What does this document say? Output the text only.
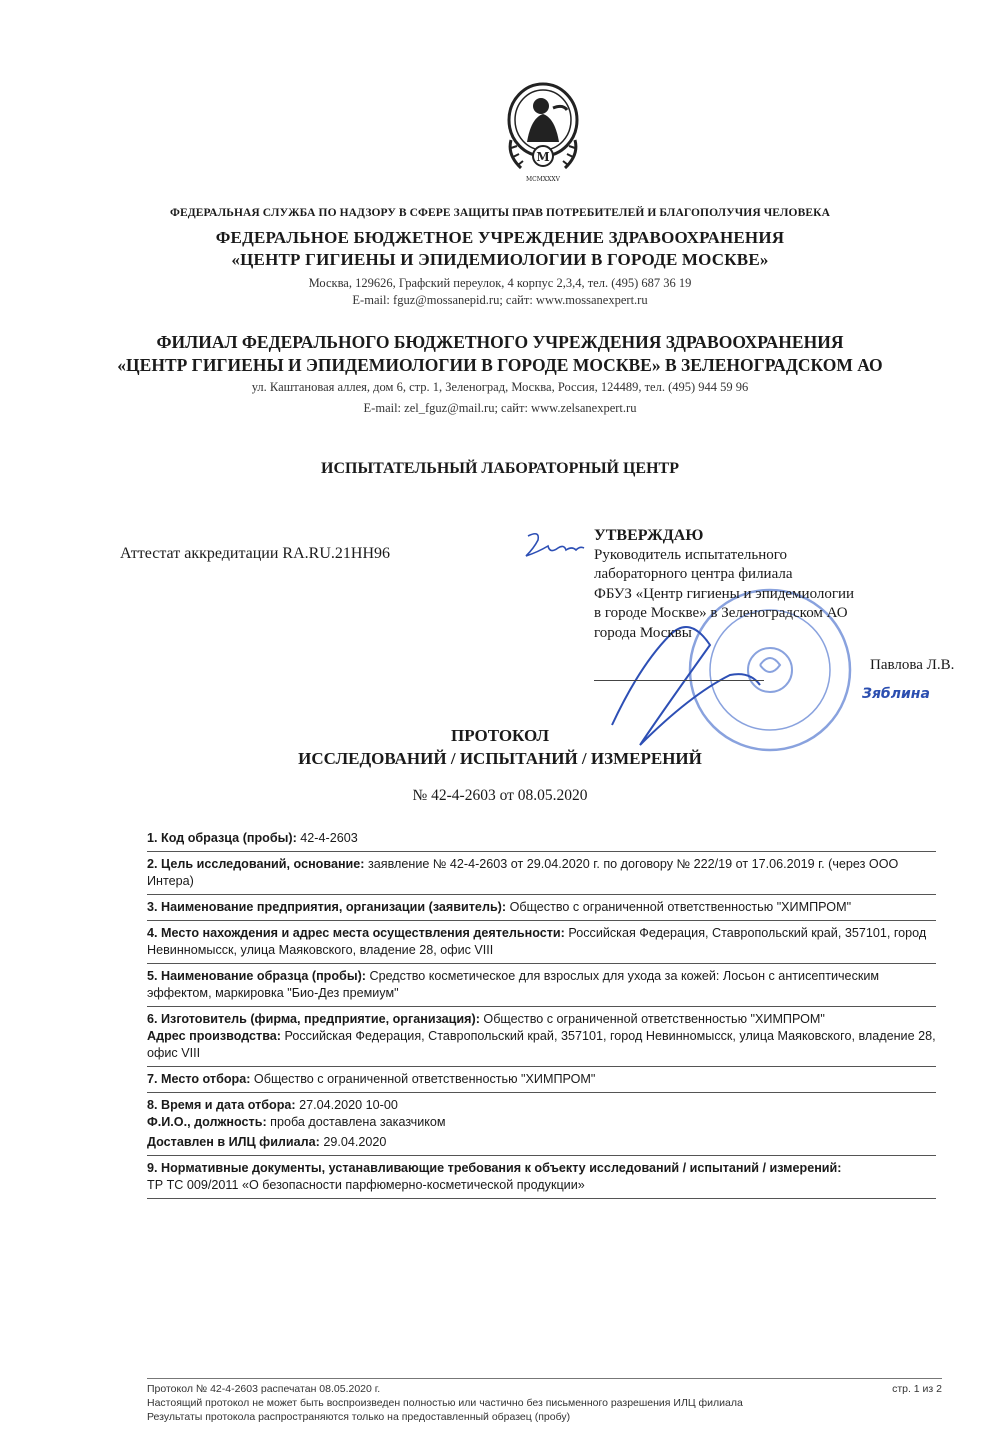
M
MCMXXXV
ФЕДЕРАЛЬНАЯ СЛУЖБА ПО НАДЗОРУ В СФЕРЕ ЗАЩИТЫ ПРАВ ПОТРЕБИТЕЛЕЙ И БЛАГОПОЛУЧИЯ ЧЕЛОВЕКА
ФЕДЕРАЛЬНОЕ БЮДЖЕТНОЕ УЧРЕЖДЕНИЕ ЗДРАВООХРАНЕНИЯ
«ЦЕНТР ГИГИЕНЫ И ЭПИДЕМИОЛОГИИ В ГОРОДЕ МОСКВЕ»
Москва, 129626, Графский переулок, 4 корпус 2,3,4, тел. (495) 687 36 19
E-mail: fguz@mossanepid.ru; сайт: www.mossanexpert.ru
ФИЛИАЛ ФЕДЕРАЛЬНОГО БЮДЖЕТНОГО УЧРЕЖДЕНИЯ ЗДРАВООХРАНЕНИЯ
«ЦЕНТР ГИГИЕНЫ И ЭПИДЕМИОЛОГИИ В ГОРОДЕ МОСКВЕ» В ЗЕЛЕНОГРАДСКОМ АО
ул. Каштановая аллея, дом 6, стр. 1, Зеленоград, Москва, Россия, 124489, тел. (495) 944 59 96
E-mail: zel_fguz@mail.ru; сайт: www.zelsanexpert.ru
ИСПЫТАТЕЛЬНЫЙ ЛАБОРАТОРНЫЙ ЦЕНТР
Аттестат аккредитации RA.RU.21НН96
УТВЕРЖДАЮ
Руководитель испытательного
лабораторного центра филиала
ФБУЗ «Центр гигиены и эпидемиологии
в городе Москве» в Зеленоградском АО
города Москвы
Павлова Л.В.
Зяблина
ПРОТОКОЛ
ИССЛЕДОВАНИЙ / ИСПЫТАНИЙ / ИЗМЕРЕНИЙ
№ 42-4-2603 от 08.05.2020

1. Код образца (пробы): 42-4-2603

2. Цель исследований, основание: заявление № 42-4-2603 от 29.04.2020 г. по договору № 222/19 от 17.06.2019 г. (через ООО Интера)

3. Наименование предприятия, организации (заявитель): Общество с ограниченной ответственностью "ХИМПРОМ"

4. Место нахождения и адрес места осуществления деятельности: Российская Федерация, Ставропольский край, 357101, город Невинномысск, улица Маяковского, владение 28, офис VIII

5. Наименование образца (пробы): Средство косметическое для взрослых для ухода за кожей: Лосьон с антисептическим эффектом, маркировка "Био-Дез премиум"

6. Изготовитель (фирма, предприятие, организация): Общество с ограниченной ответственностью "ХИМПРОМ"

Адрес производства: Российская Федерация, Ставропольский край, 357101, город Невинномысск, улица Маяковского, владение 28, офис VIII

7. Место отбора: Общество с ограниченной ответственностью "ХИМПРОМ"

8. Время и дата отбора: 27.04.2020 10-00

Ф.И.О., должность: проба доставлена заказчиком

Доставлен в ИЛЦ филиала: 29.04.2020

9. Нормативные документы, устанавливающие требования к объекту исследований / испытаний / измерений:

ТР ТС 009/2011 «О безопасности парфюмерно-косметической продукции»

Протокол № 42-4-2603 распечатан 08.05.2020 г.
Настоящий протокол не может быть воспроизведен полностью или частично без письменного разрешения ИЛЦ филиала
Результаты протокола распространяются только на предоставленный образец (пробу)
стр. 1 из 2
